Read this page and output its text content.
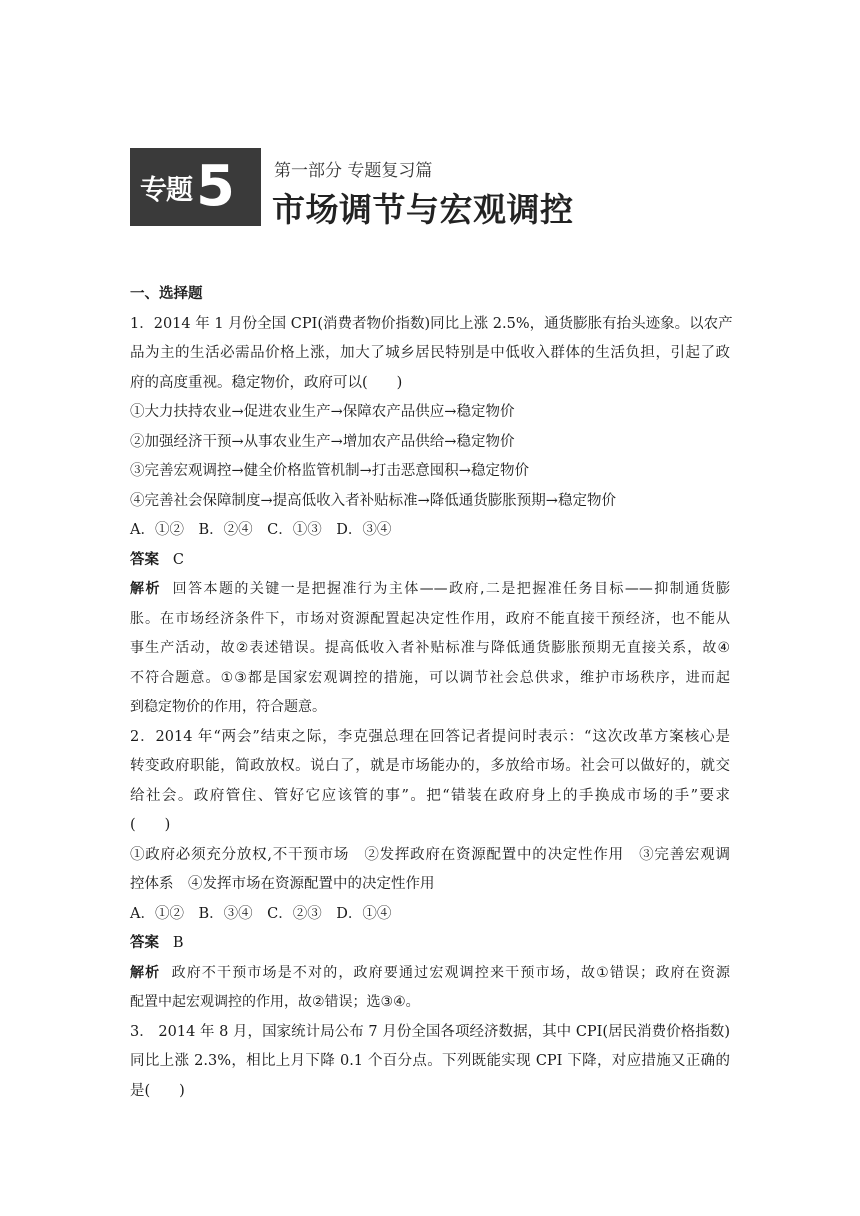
专题 5 第一部分 专题复习篇
市场调节与宏观调控
一、选择题
1．2014 年 1 月份全国 CPI(消费者物价指数)同比上涨 2.5%，通货膨胀有抬头迹象。以农产
品为主的生活必需品价格上涨，加大了城乡居民特别是中低收入群体的生活负担，引起了政
府的高度重视。稳定物价，政府可以(　　)
①大力扶持农业→促进农业生产→保障农产品供应→稳定物价
②加强经济干预→从事农业生产→增加农产品供给→稳定物价
③完善宏观调控→健全价格监管机制→打击恶意囤积→稳定物价
④完善社会保障制度→提高低收入者补贴标准→降低通货膨胀预期→稳定物价
A．①②　B．②④　C．①③　D．③④
答案 C
解析 回答本题的关键一是把握准行为主体——政府,二是把握准任务目标——抑制通货膨
胀。在市场经济条件下，市场对资源配置起决定性作用，政府不能直接干预经济，也不能从
事生产活动，故②表述错误。提高低收入者补贴标准与降低通货膨胀预期无直接关系，故④
不符合题意。①③都是国家宏观调控的措施，可以调节社会总供求，维护市场秩序，进而起
到稳定物价的作用，符合题意。
2．2014 年“两会”结束之际，李克强总理在回答记者提问时表示：“这次改革方案核心是
转变政府职能，简政放权。说白了，就是市场能办的，多放给市场。社会可以做好的，就交
给社会。政府管住、管好它应该管的事”。把“错装在政府身上的手换成市场的手”要求
(　　)
①政府必须充分放权,不干预市场　②发挥政府在资源配置中的决定性作用　③完善宏观调
控体系　④发挥市场在资源配置中的决定性作用
A．①②　B．③④　C．②③　D．①④
答案 B
解析 政府不干预市场是不对的，政府要通过宏观调控来干预市场，故①错误；政府在资源
配置中起宏观调控的作用，故②错误；选③④。
3． 2014 年 8 月，国家统计局公布 7 月份全国各项经济数据，其中 CPI(居民消费价格指数)
同比上涨 2.3%，相比上月下降 0.1 个百分点。下列既能实现 CPI 下降，对应措施又正确的
是(　　)
